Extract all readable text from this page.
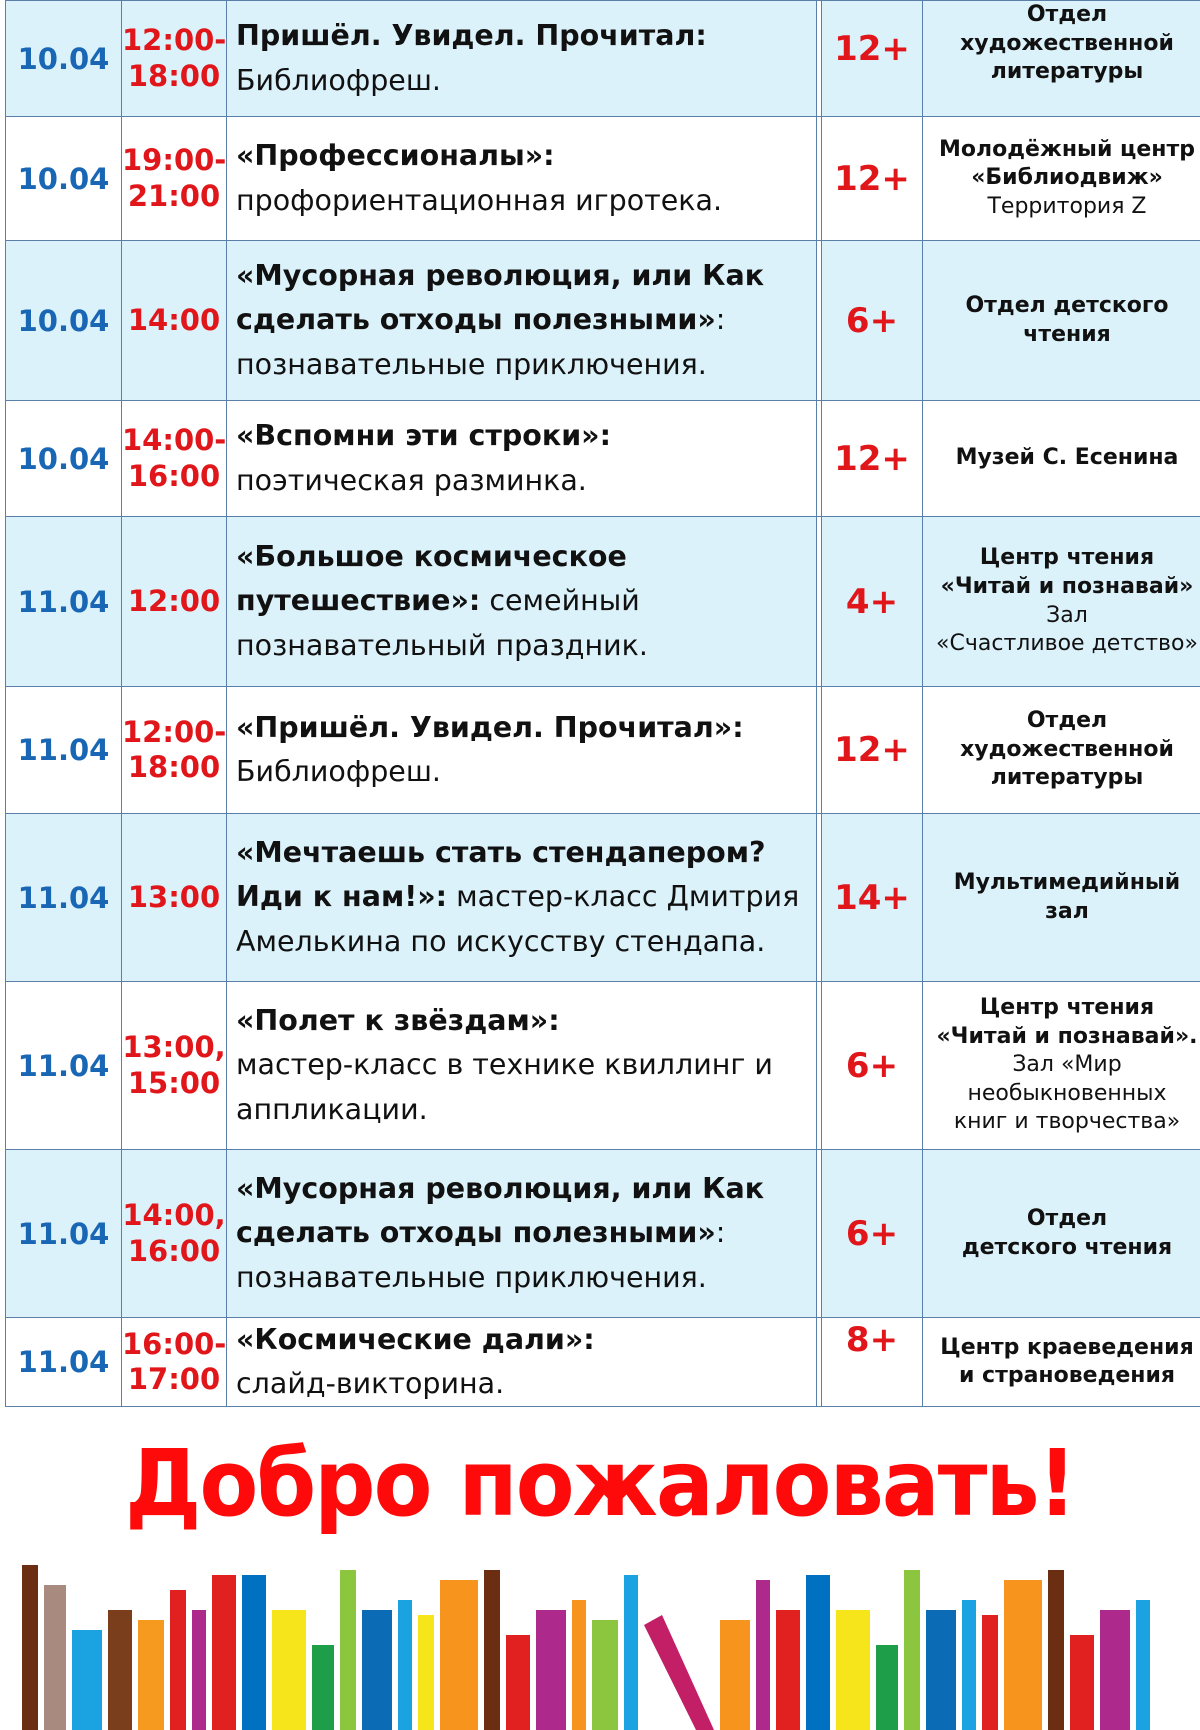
10.04	12:00-
18:00	Пришёл. Увидел. Прочитал:
Библиофреш.		12+	Отдел художественной
литературы

10.04	19:00-
21:00	«Профессионалы»:
профориентационная игротека.		12+	Молодёжный центр
«Библиодвиж»
Территория Z

10.04	14:00	«Мусорная революция, или Как сделать отходы полезными»: познавательные приключения.		6+	Отдел детского чтения

10.04	14:00-
16:00	«Вспомни эти строки»:
поэтическая разминка.		12+	Музей С. Есенина

11.04	12:00	«Большое космическое путешествие»: семейный познавательный праздник.		4+	Центр чтения
«Читай и познавай»
Зал
«Счастливое детство»

11.04	12:00-
18:00	«Пришёл. Увидел. Прочитал»:
Библиофреш.		12+	Отдел
художественной
литературы

11.04	13:00	«Мечтаешь стать стендапером? Иди к нам!»: мастер-класс Дмитрия Амелькина по искусству стендапа.		14+	Мультимедийный
зал

11.04	13:00,
15:00	«Полет к звёздам»:
мастер-класс в технике квиллинг и аппликации.		6+	Центр чтения
«Читай и познавай».
Зал «Мир
необыкновенных
книг и творчества»

11.04	14:00,
16:00	«Мусорная революция, или Как сделать отходы полезными»: познавательные приключения.		6+	Отдел
детского чтения

11.04	16:00-
17:00	«Космические дали»:
слайд-викторина.		8+	Центр краеведения
и страноведения
Добро пожаловать!
